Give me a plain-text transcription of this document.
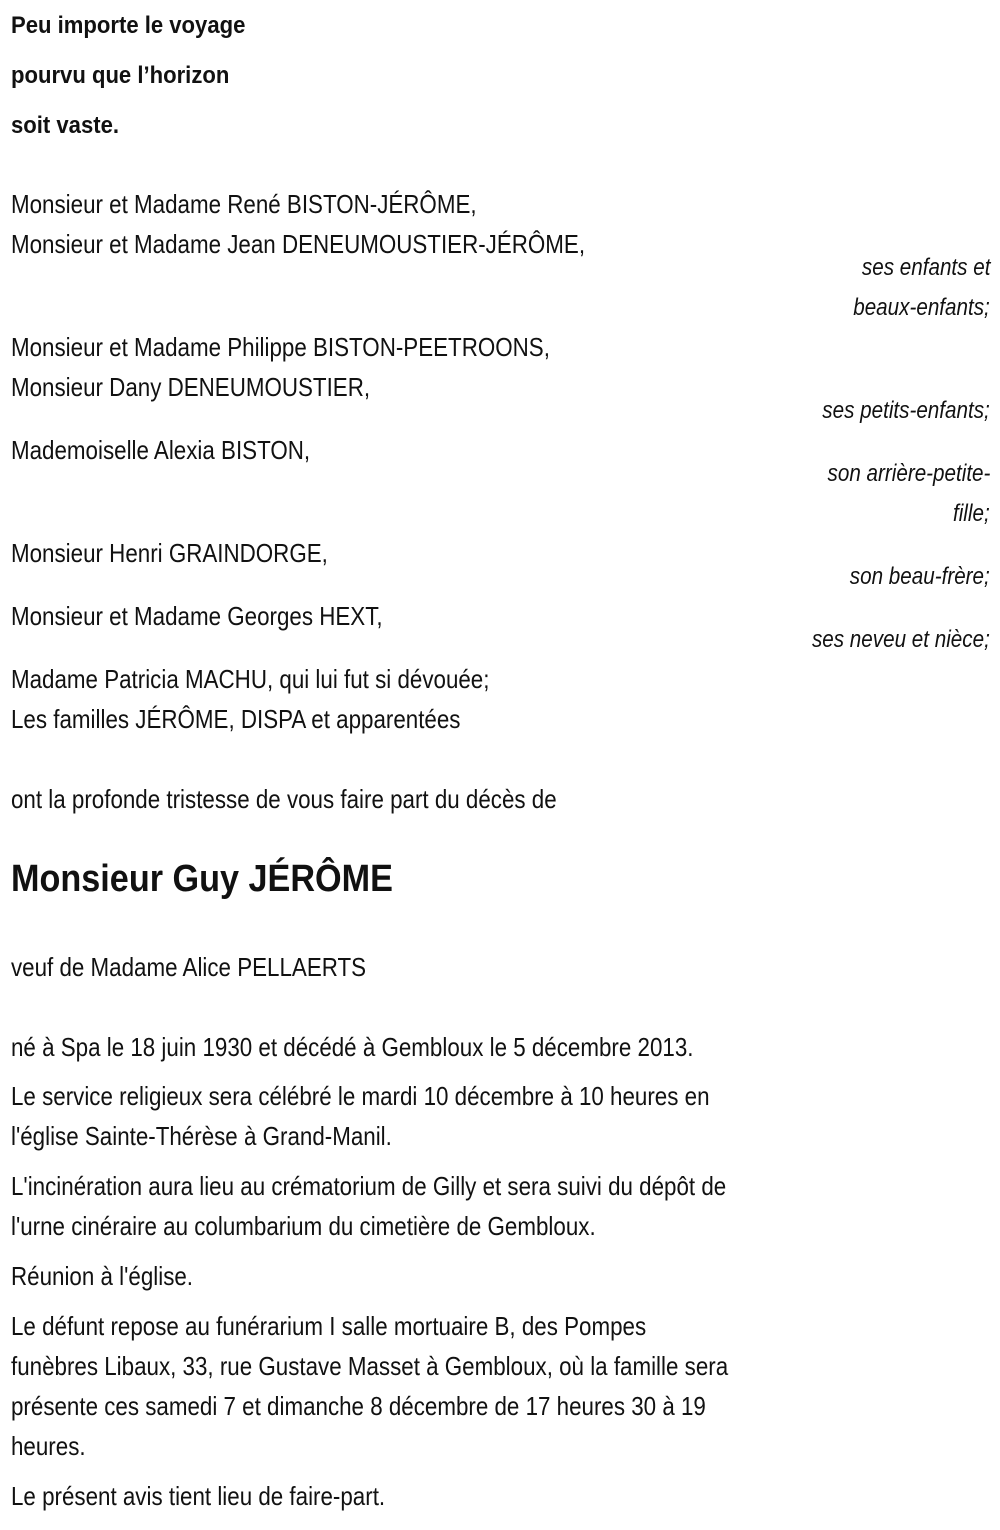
Peu importe le voyage
pourvu que l’horizon
soit vaste.
Monsieur et Madame René BISTON-JÉRÔME,
Monsieur et Madame Jean DENEUMOUSTIER-JÉRÔME,
ses enfants et
beaux-enfants;
Monsieur et Madame Philippe BISTON-PEETROONS,
Monsieur Dany DENEUMOUSTIER,
ses petits-enfants;
Mademoiselle Alexia BISTON,
son arrière-petite-
fille;
Monsieur Henri GRAINDORGE,
son beau-frère;
Monsieur et Madame Georges HEXT,
ses neveu et nièce;
Madame Patricia MACHU, qui lui fut si dévouée;
Les familles JÉRÔME, DISPA et apparentées
ont la profonde tristesse de vous faire part du décès de
Monsieur Guy JÉRÔME
veuf de Madame Alice PELLAERTS
né à Spa le 18 juin 1930 et décédé à Gembloux le 5 décembre 2013.
Le service religieux sera célébré le mardi 10 décembre à 10 heures en
l'église Sainte-Thérèse à Grand-Manil.
L'incinération aura lieu au crématorium de Gilly et sera suivi du dépôt de
l'urne cinéraire au columbarium du cimetière de Gembloux.
Réunion à l'église.
Le défunt repose au funérarium I salle mortuaire B, des Pompes
funèbres Libaux, 33, rue Gustave Masset à Gembloux, où la famille sera
présente ces samedi 7 et dimanche 8 décembre de 17 heures 30 à 19
heures.
Le présent avis tient lieu de faire-part.
